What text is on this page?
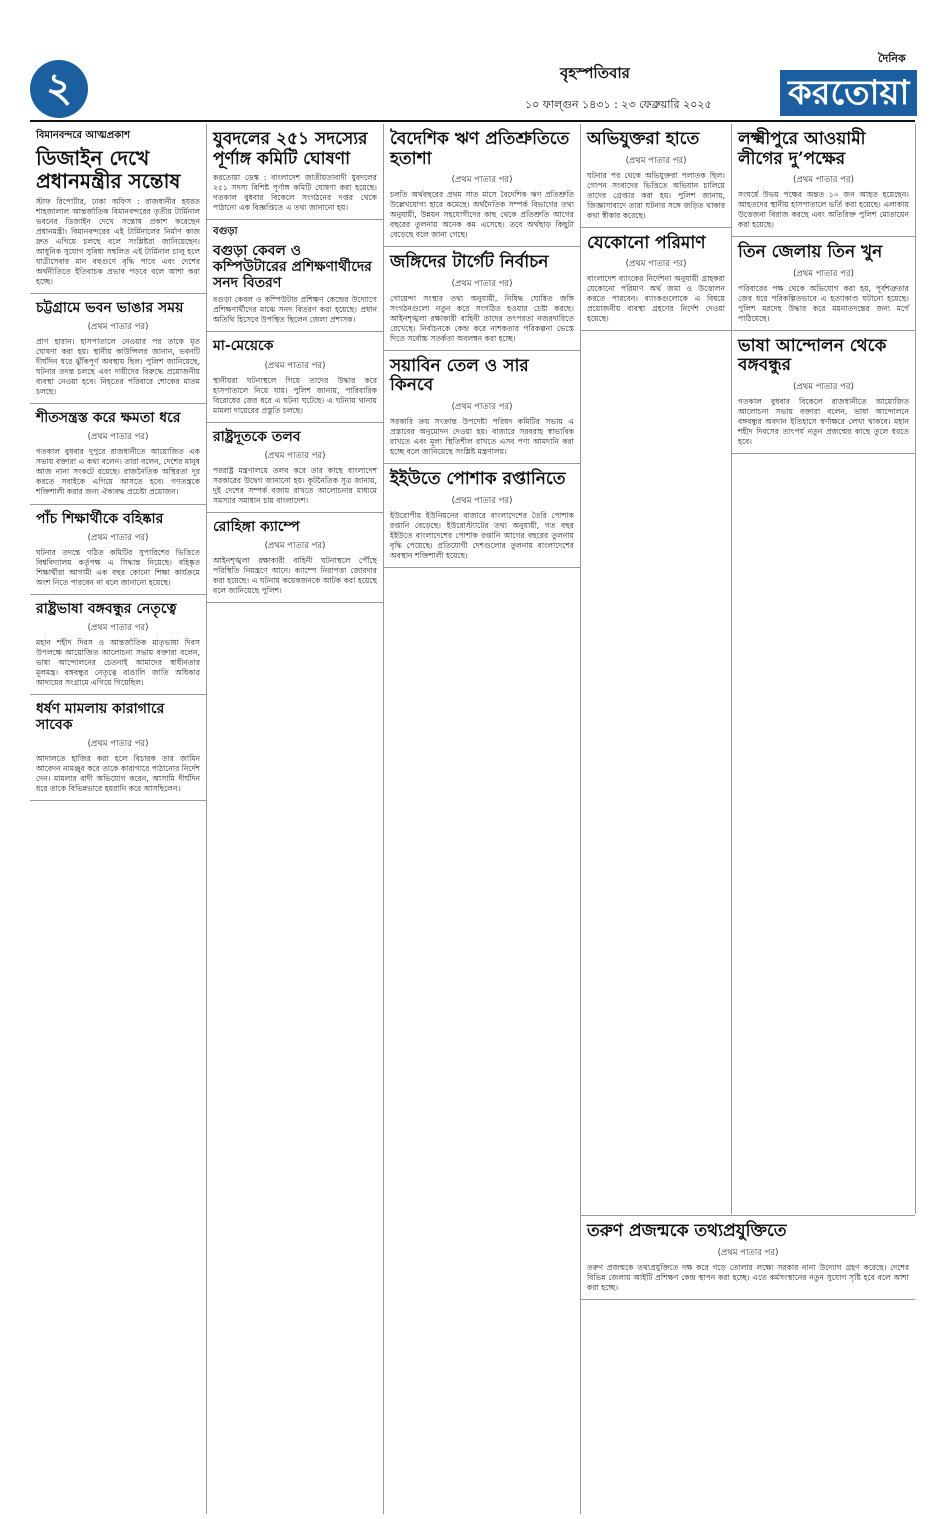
২	বৃহস্পতিবার
১০ ফাল্গুন ১৪৩১ : ২৩ ফেব্রুয়ারি ২০২৫
দৈনিক
করতোয়া
বিমানবন্দরে আত্মপ্রকাশ
ডিজাইন দেখে প্রধানমন্ত্রীর সন্তোষ
স্টাফ রিপোর্টার, ঢাকা অফিস : রাজধানীর হযরত শাহজালাল আন্তর্জাতিক বিমানবন্দরের তৃতীয় টার্মিনাল ভবনের ডিজাইন দেখে সন্তোষ প্রকাশ করেছেন প্রধানমন্ত্রী। বিমানবন্দরের এই টার্মিনালের নির্মাণ কাজ দ্রুত এগিয়ে চলছে বলে সংশ্লিষ্টরা জানিয়েছেন। আধুনিক সুযোগ সুবিধা সম্বলিত এই টার্মিনাল চালু হলে যাত্রীসেবার মান বহুগুণে বৃদ্ধি পাবে এবং দেশের অর্থনীতিতে ইতিবাচক প্রভাব পড়বে বলে আশা করা হচ্ছে।
চট্টগ্রামে ভবন ভাঙার সময়
(প্রথম পাতার পর)
প্রাণ হারান। হাসপাতালে নেওয়ার পর তাকে মৃত ঘোষণা করা হয়। স্থানীয় কাউন্সিলর জানান, ভবনটি দীর্ঘদিন ধরে ঝুঁকিপূর্ণ অবস্থায় ছিল। পুলিশ জানিয়েছে, ঘটনার তদন্ত চলছে এবং দায়ীদের বিরুদ্ধে প্রয়োজনীয় ব্যবস্থা নেওয়া হবে। নিহতের পরিবারে শোকের মাতম চলছে।
শীতসন্ত্রস্ত করে ক্ষমতা ধরে
(প্রথম পাতার পর)
গতকাল বুধবার দুপুরে রাজধানীতে আয়োজিত এক সভায় বক্তারা এ কথা বলেন। তারা বলেন, দেশের মানুষ আজ নানা সংকটে রয়েছে। রাজনৈতিক অস্থিরতা দূর করতে সবাইকে এগিয়ে আসতে হবে। গণতন্ত্রকে শক্তিশালী করার জন্য ঐক্যবদ্ধ প্রচেষ্টা প্রয়োজন।
পাঁচ শিক্ষার্থীকে বহিষ্কার
(প্রথম পাতার পর)
ঘটনার তদন্তে গঠিত কমিটির সুপারিশের ভিত্তিতে বিশ্ববিদ্যালয় কর্তৃপক্ষ এ সিদ্ধান্ত নিয়েছে। বহিষ্কৃত শিক্ষার্থীরা আগামী এক বছর কোনো শিক্ষা কার্যক্রমে অংশ নিতে পারবেন না বলে জানানো হয়েছে।
রাষ্ট্রভাষা বঙ্গবন্ধুর নেতৃত্বে
(প্রথম পাতার পর)
মহান শহীদ দিবস ও আন্তর্জাতিক মাতৃভাষা দিবস উপলক্ষে আয়োজিত আলোচনা সভায় বক্তারা বলেন, ভাষা আন্দোলনের চেতনাই আমাদের স্বাধীনতার মূলমন্ত্র। বঙ্গবন্ধুর নেতৃত্বে বাঙালি জাতি অধিকার আদায়ের সংগ্রামে এগিয়ে গিয়েছিল।
ধর্ষণ মামলায় কারাগারে সাবেক
(প্রথম পাতার পর)
আদালতে হাজির করা হলে বিচারক তার জামিন আবেদন নামঞ্জুর করে তাকে কারাগারে পাঠানোর নির্দেশ দেন। মামলার বাদী অভিযোগ করেন, আসামি দীর্ঘদিন ধরে তাকে বিভিন্নভাবে হয়রানি করে আসছিলেন।
যুবদলের ২৫১ সদস্যের পূর্ণাঙ্গ কমিটি ঘোষণা
করতোয়া ডেস্ক : বাংলাদেশ জাতীয়তাবাদী যুবদলের ২৫১ সদস্য বিশিষ্ট পূর্ণাঙ্গ কমিটি ঘোষণা করা হয়েছে। গতকাল বুধবার বিকেলে সংগঠনের দপ্তর থেকে পাঠানো এক বিজ্ঞপ্তিতে এ তথ্য জানানো হয়।
বগুড়া
বগুড়া কেবল ও কম্পিউটারের প্রশিক্ষণার্থীদের সনদ বিতরণ
বগুড়া কেবল ও কম্পিউটার প্রশিক্ষণ কেন্দ্রের উদ্যোগে প্রশিক্ষণার্থীদের মাঝে সনদ বিতরণ করা হয়েছে। প্রধান অতিথি হিসেবে উপস্থিত ছিলেন জেলা প্রশাসক।
মা-মেয়েকে
(প্রথম পাতার পর)
স্থানীয়রা ঘটনাস্থলে গিয়ে তাদের উদ্ধার করে হাসপাতালে নিয়ে যায়। পুলিশ জানায়, পারিবারিক বিরোধের জের ধরে এ ঘটনা ঘটেছে। এ ঘটনায় থানায় মামলা দায়েরের প্রস্তুতি চলছে।
রাষ্ট্রদূতকে তলব
(প্রথম পাতার পর)
পররাষ্ট্র মন্ত্রণালয়ে তলব করে তার কাছে বাংলাদেশ সরকারের উদ্বেগ জানানো হয়। কূটনৈতিক সূত্র জানায়, দুই দেশের সম্পর্ক বজায় রাখতে আলোচনার মাধ্যমে সমস্যার সমাধান চায় বাংলাদেশ।
রোহিঙ্গা ক্যাম্পে
(প্রথম পাতার পর)
আইনশৃঙ্খলা রক্ষাকারী বাহিনী ঘটনাস্থলে পৌঁছে পরিস্থিতি নিয়ন্ত্রণে আনে। ক্যাম্পে নিরাপত্তা জোরদার করা হয়েছে। এ ঘটনায় কয়েকজনকে আটক করা হয়েছে বলে জানিয়েছে পুলিশ।
বৈদেশিক ঋণ প্রতিশ্রুতিতে হতাশা
(প্রথম পাতার পর)
চলতি অর্থবছরের প্রথম সাত মাসে বৈদেশিক ঋণ প্রতিশ্রুতি উল্লেখযোগ্য হারে কমেছে। অর্থনৈতিক সম্পর্ক বিভাগের তথ্য অনুযায়ী, উন্নয়ন সহযোগীদের কাছ থেকে প্রতিশ্রুতি আগের বছরের তুলনায় অনেক কম এসেছে। তবে অর্থছাড় কিছুটা বেড়েছে বলে জানা গেছে।
জঙ্গিদের টার্গেট নির্বাচন
(প্রথম পাতার পর)
গোয়েন্দা সংস্থার তথ্য অনুযায়ী, নিষিদ্ধ ঘোষিত জঙ্গি সংগঠনগুলো নতুন করে সংগঠিত হওয়ার চেষ্টা করছে। আইনশৃঙ্খলা রক্ষাকারী বাহিনী তাদের তৎপরতা নজরদারিতে রেখেছে। নির্বাচনকে কেন্দ্র করে নাশকতার পরিকল্পনা ভেস্তে দিতে সর্বোচ্চ সতর্কতা অবলম্বন করা হচ্ছে।
সয়াবিন তেল ও সার কিনবে
(প্রথম পাতার পর)
সরকারি ক্রয় সংক্রান্ত উপদেষ্টা পরিষদ কমিটির সভায় এ প্রস্তাবের অনুমোদন দেওয়া হয়। বাজারে সরবরাহ স্বাভাবিক রাখতে এবং মূল্য স্থিতিশীল রাখতে এসব পণ্য আমদানি করা হচ্ছে বলে জানিয়েছে সংশ্লিষ্ট মন্ত্রণালয়।
ইইউতে পোশাক রপ্তানিতে
(প্রথম পাতার পর)
ইউরোপীয় ইউনিয়নের বাজারে বাংলাদেশের তৈরি পোশাক রপ্তানি বেড়েছে। ইউরোস্ট্যাটের তথ্য অনুযায়ী, গত বছর ইইউতে বাংলাদেশের পোশাক রপ্তানি আগের বছরের তুলনায় বৃদ্ধি পেয়েছে। প্রতিযোগী দেশগুলোর তুলনায় বাংলাদেশের অবস্থান শক্তিশালী হয়েছে।
অভিযুক্তরা হাতে
(প্রথম পাতার পর)
ঘটনার পর থেকে অভিযুক্তরা পলাতক ছিল। গোপন সংবাদের ভিত্তিতে অভিযান চালিয়ে তাদের গ্রেপ্তার করা হয়। পুলিশ জানায়, জিজ্ঞাসাবাদে তারা ঘটনার সঙ্গে জড়িত থাকার কথা স্বীকার করেছে।
যেকোনো পরিমাণ
(প্রথম পাতার পর)
বাংলাদেশ ব্যাংকের নির্দেশনা অনুযায়ী গ্রাহকরা যেকোনো পরিমাণ অর্থ জমা ও উত্তোলন করতে পারবেন। ব্যাংকগুলোকে এ বিষয়ে প্রয়োজনীয় ব্যবস্থা গ্রহণের নির্দেশ দেওয়া হয়েছে।
লক্ষ্মীপুরে আওয়ামী লীগের দু’পক্ষের
(প্রথম পাতার পর)
সংঘর্ষে উভয় পক্ষের অন্তত ১০ জন আহত হয়েছেন। আহতদের স্থানীয় হাসপাতালে ভর্তি করা হয়েছে। এলাকায় উত্তেজনা বিরাজ করছে এবং অতিরিক্ত পুলিশ মোতায়েন করা হয়েছে।
তিন জেলায় তিন খুন
(প্রথম পাতার পর)
পরিবারের পক্ষ থেকে অভিযোগ করা হয়, পূর্বশত্রুতার জের ধরে পরিকল্পিতভাবে এ হত্যাকাণ্ড ঘটানো হয়েছে। পুলিশ মরদেহ উদ্ধার করে ময়নাতদন্তের জন্য মর্গে পাঠিয়েছে।
ভাষা আন্দোলন থেকে বঙ্গবন্ধুর
(প্রথম পাতার পর)
গতকাল বুধবার বিকেলে রাজধানীতে আয়োজিত আলোচনা সভায় বক্তারা বলেন, ভাষা আন্দোলনে বঙ্গবন্ধুর অবদান ইতিহাসে স্বর্ণাক্ষরে লেখা থাকবে। মহান শহীদ দিবসের তাৎপর্য নতুন প্রজন্মের কাছে তুলে ধরতে হবে।
তরুণ প্রজন্মকে তথ্যপ্রযুক্তিতে
(প্রথম পাতার পর)
তরুণ প্রজন্মকে তথ্যপ্রযুক্তিতে দক্ষ করে গড়ে তোলার লক্ষ্যে সরকার নানা উদ্যোগ গ্রহণ করেছে। দেশের বিভিন্ন জেলায় আইটি প্রশিক্ষণ কেন্দ্র স্থাপন করা হচ্ছে। এতে কর্মসংস্থানের নতুন সুযোগ সৃষ্টি হবে বলে আশা করা হচ্ছে।
